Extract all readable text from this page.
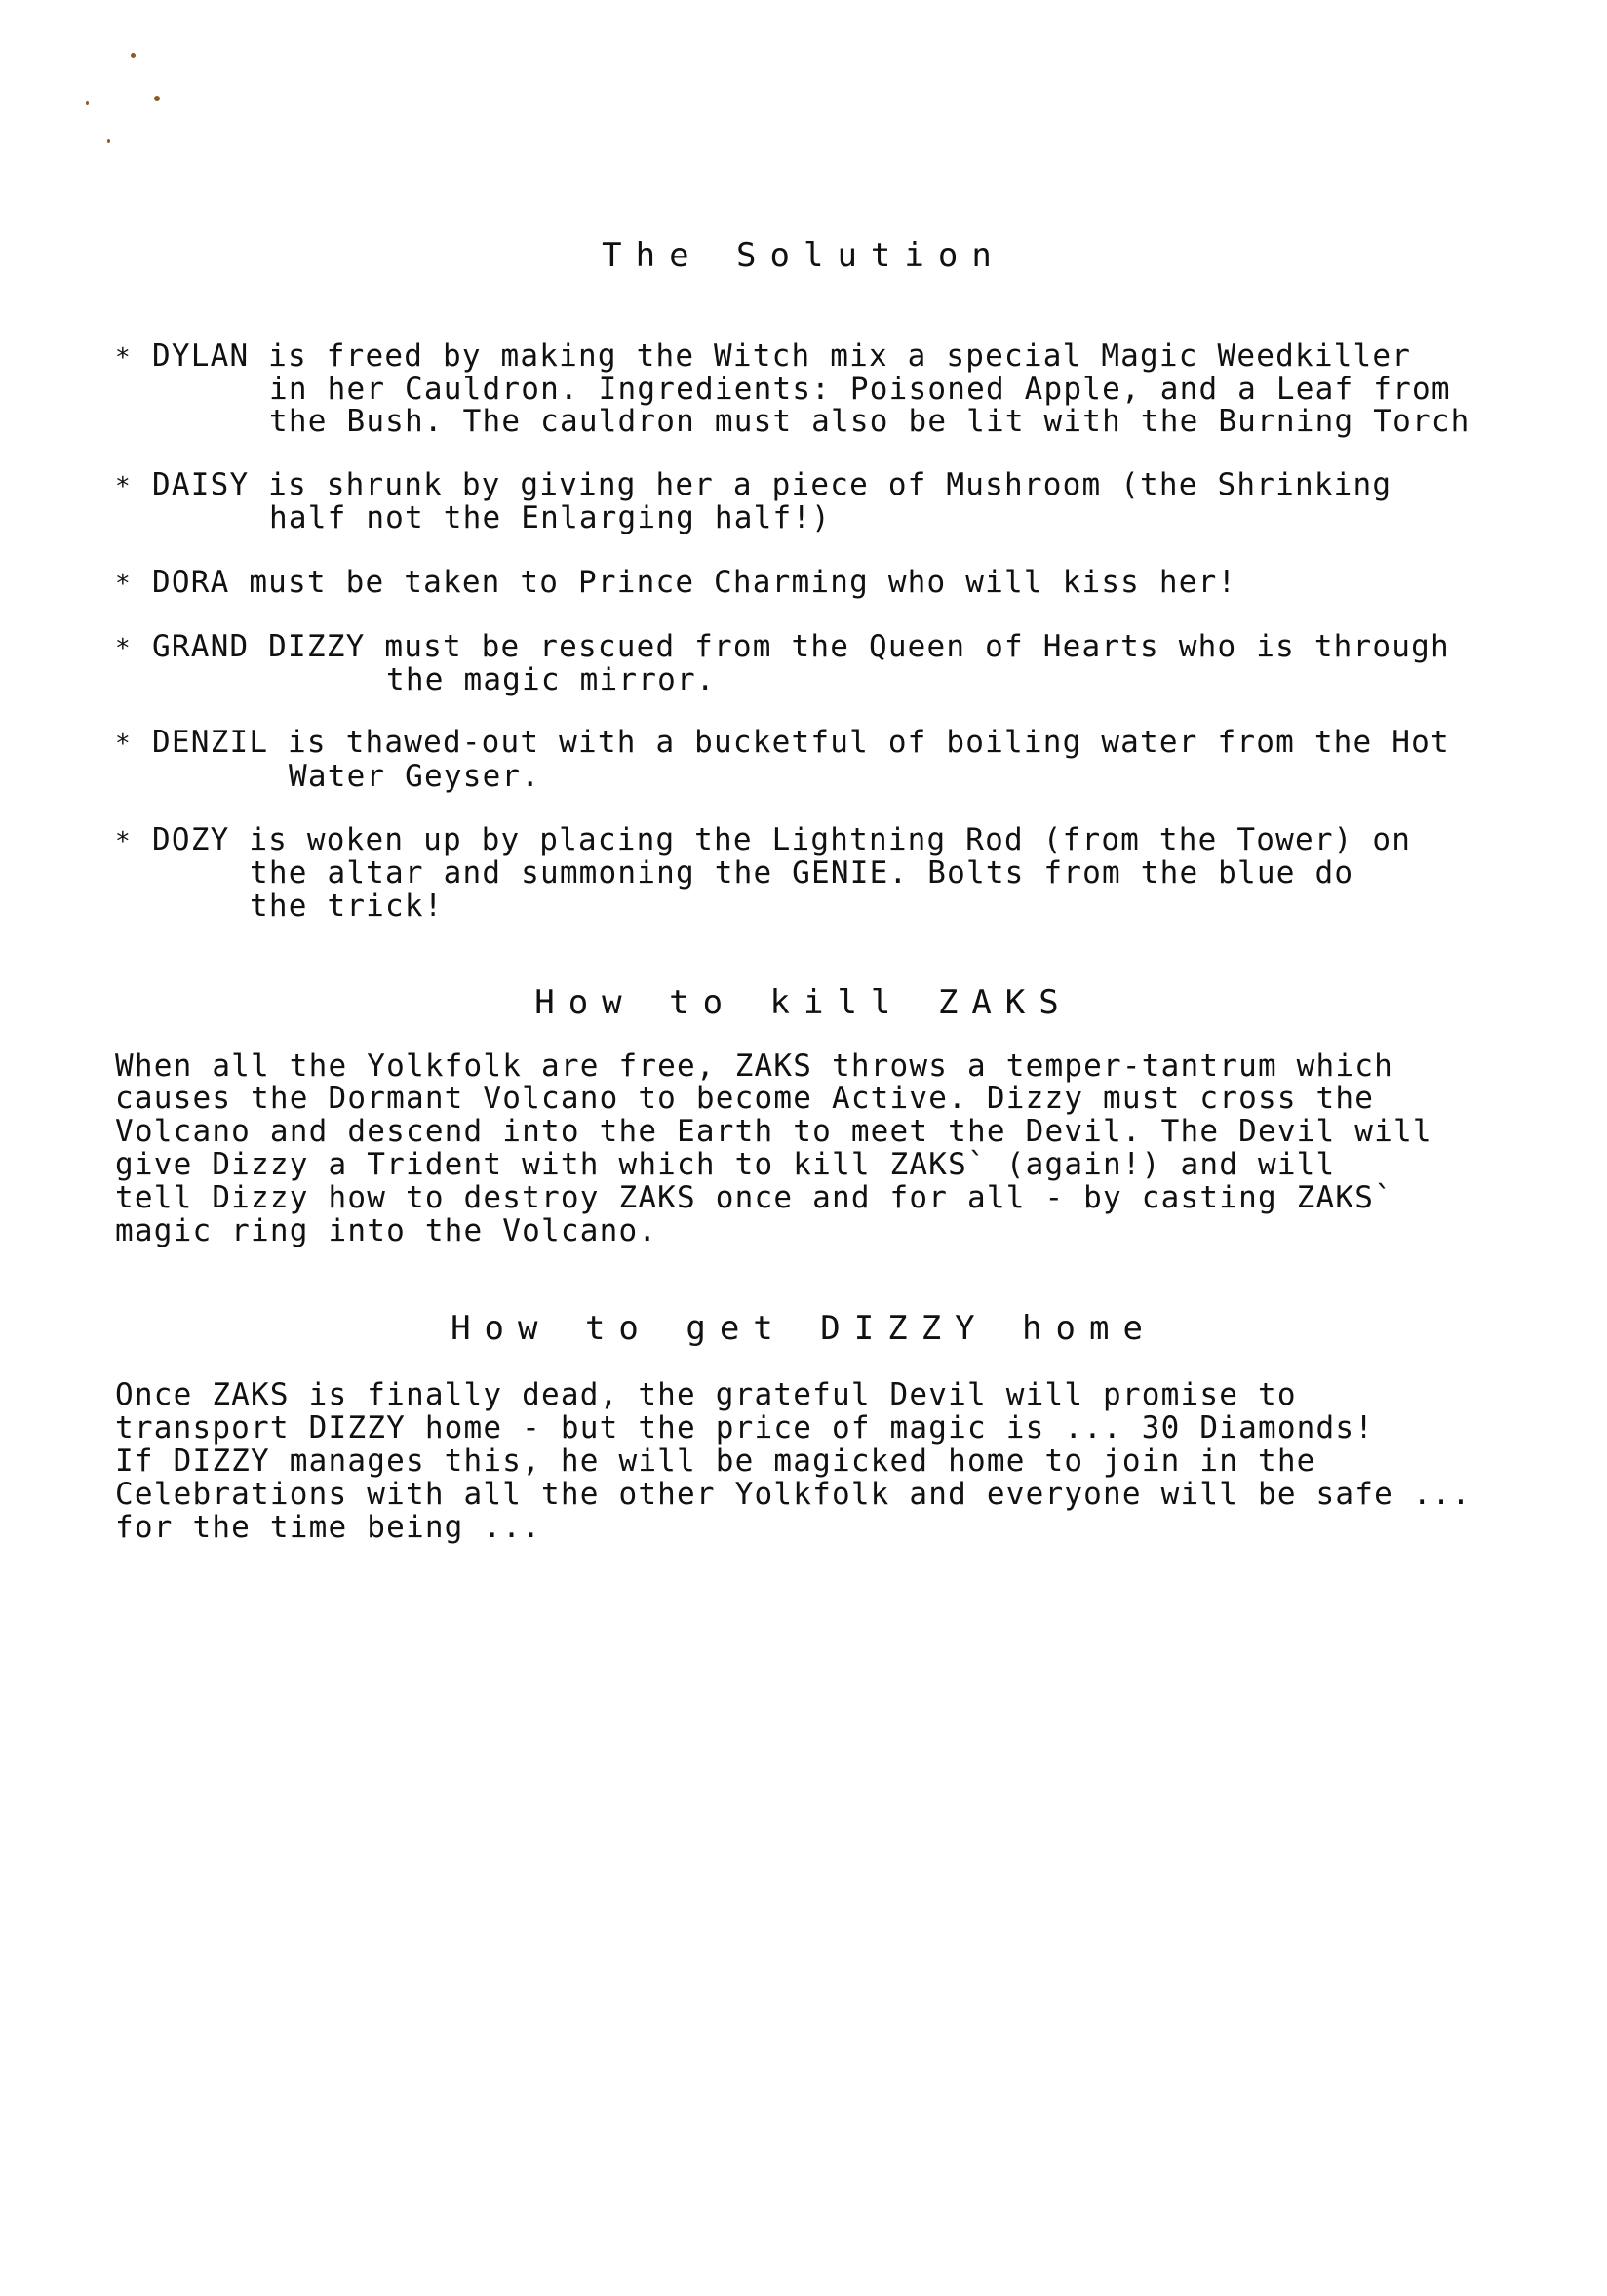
The Solution
* DYLAN is freed by making the Witch mix a special Magic Weedkiller
in her Cauldron. Ingredients: Poisoned Apple, and a Leaf from
the Bush. The cauldron must also be lit with the Burning Torch
* DAISY is shrunk by giving her a piece of Mushroom (the Shrinking
half not the Enlarging half!)
* DORA must be taken to Prince Charming who will kiss her!
* GRAND DIZZY must be rescued from the Queen of Hearts who is through
the magic mirror.
* DENZIL is thawed-out with a bucketful of boiling water from the Hot
Water Geyser.
* DOZY is woken up by placing the Lightning Rod (from the Tower) on
the altar and summoning the GENIE. Bolts from the blue do
the trick!
How to kill ZAKS
When all the Yolkfolk are free, ZAKS throws a temper-tantrum which
causes the Dormant Volcano to become Active. Dizzy must cross the
Volcano and descend into the Earth to meet the Devil. The Devil will
give Dizzy a Trident with which to kill ZAKS` (again!) and will
tell Dizzy how to destroy ZAKS once and for all - by casting ZAKS`
magic ring into the Volcano.
How to get DIZZY home
Once ZAKS is finally dead, the grateful Devil will promise to
transport DIZZY home - but the price of magic is ... 30 Diamonds!
If DIZZY manages this, he will be magicked home to join in the
Celebrations with all the other Yolkfolk and everyone will be safe ...
for the time being ...
